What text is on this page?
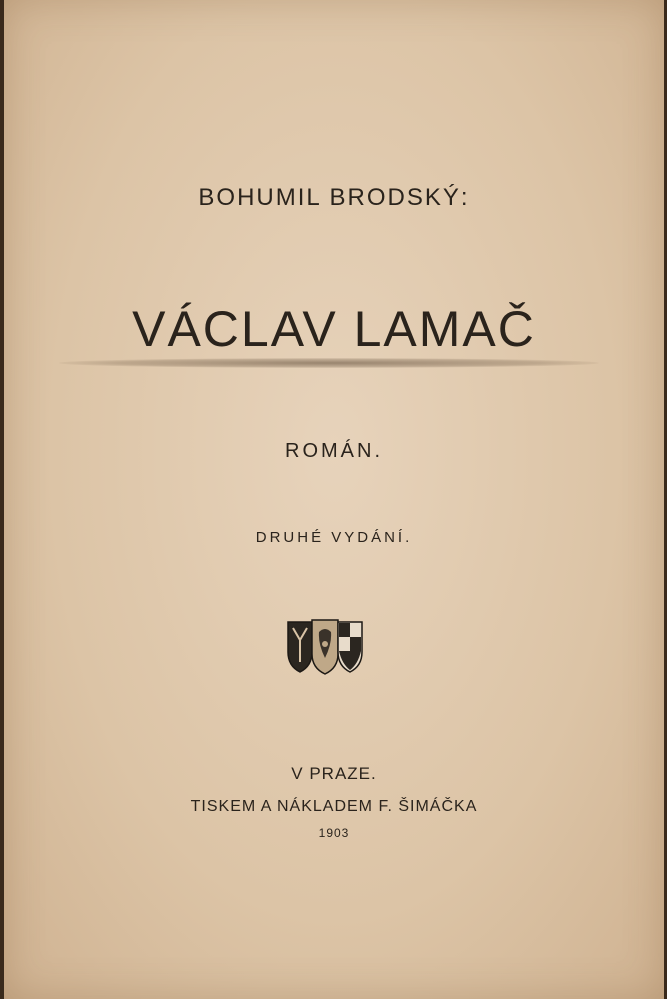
BOHUMIL BRODSKÝ:
VÁCLAV LAMAČ
ROMÁN.
DRUHÉ VYDÁNÍ.
V PRAZE.
TISKEM A NÁKLADEM F. ŠIMÁČKA
1903
